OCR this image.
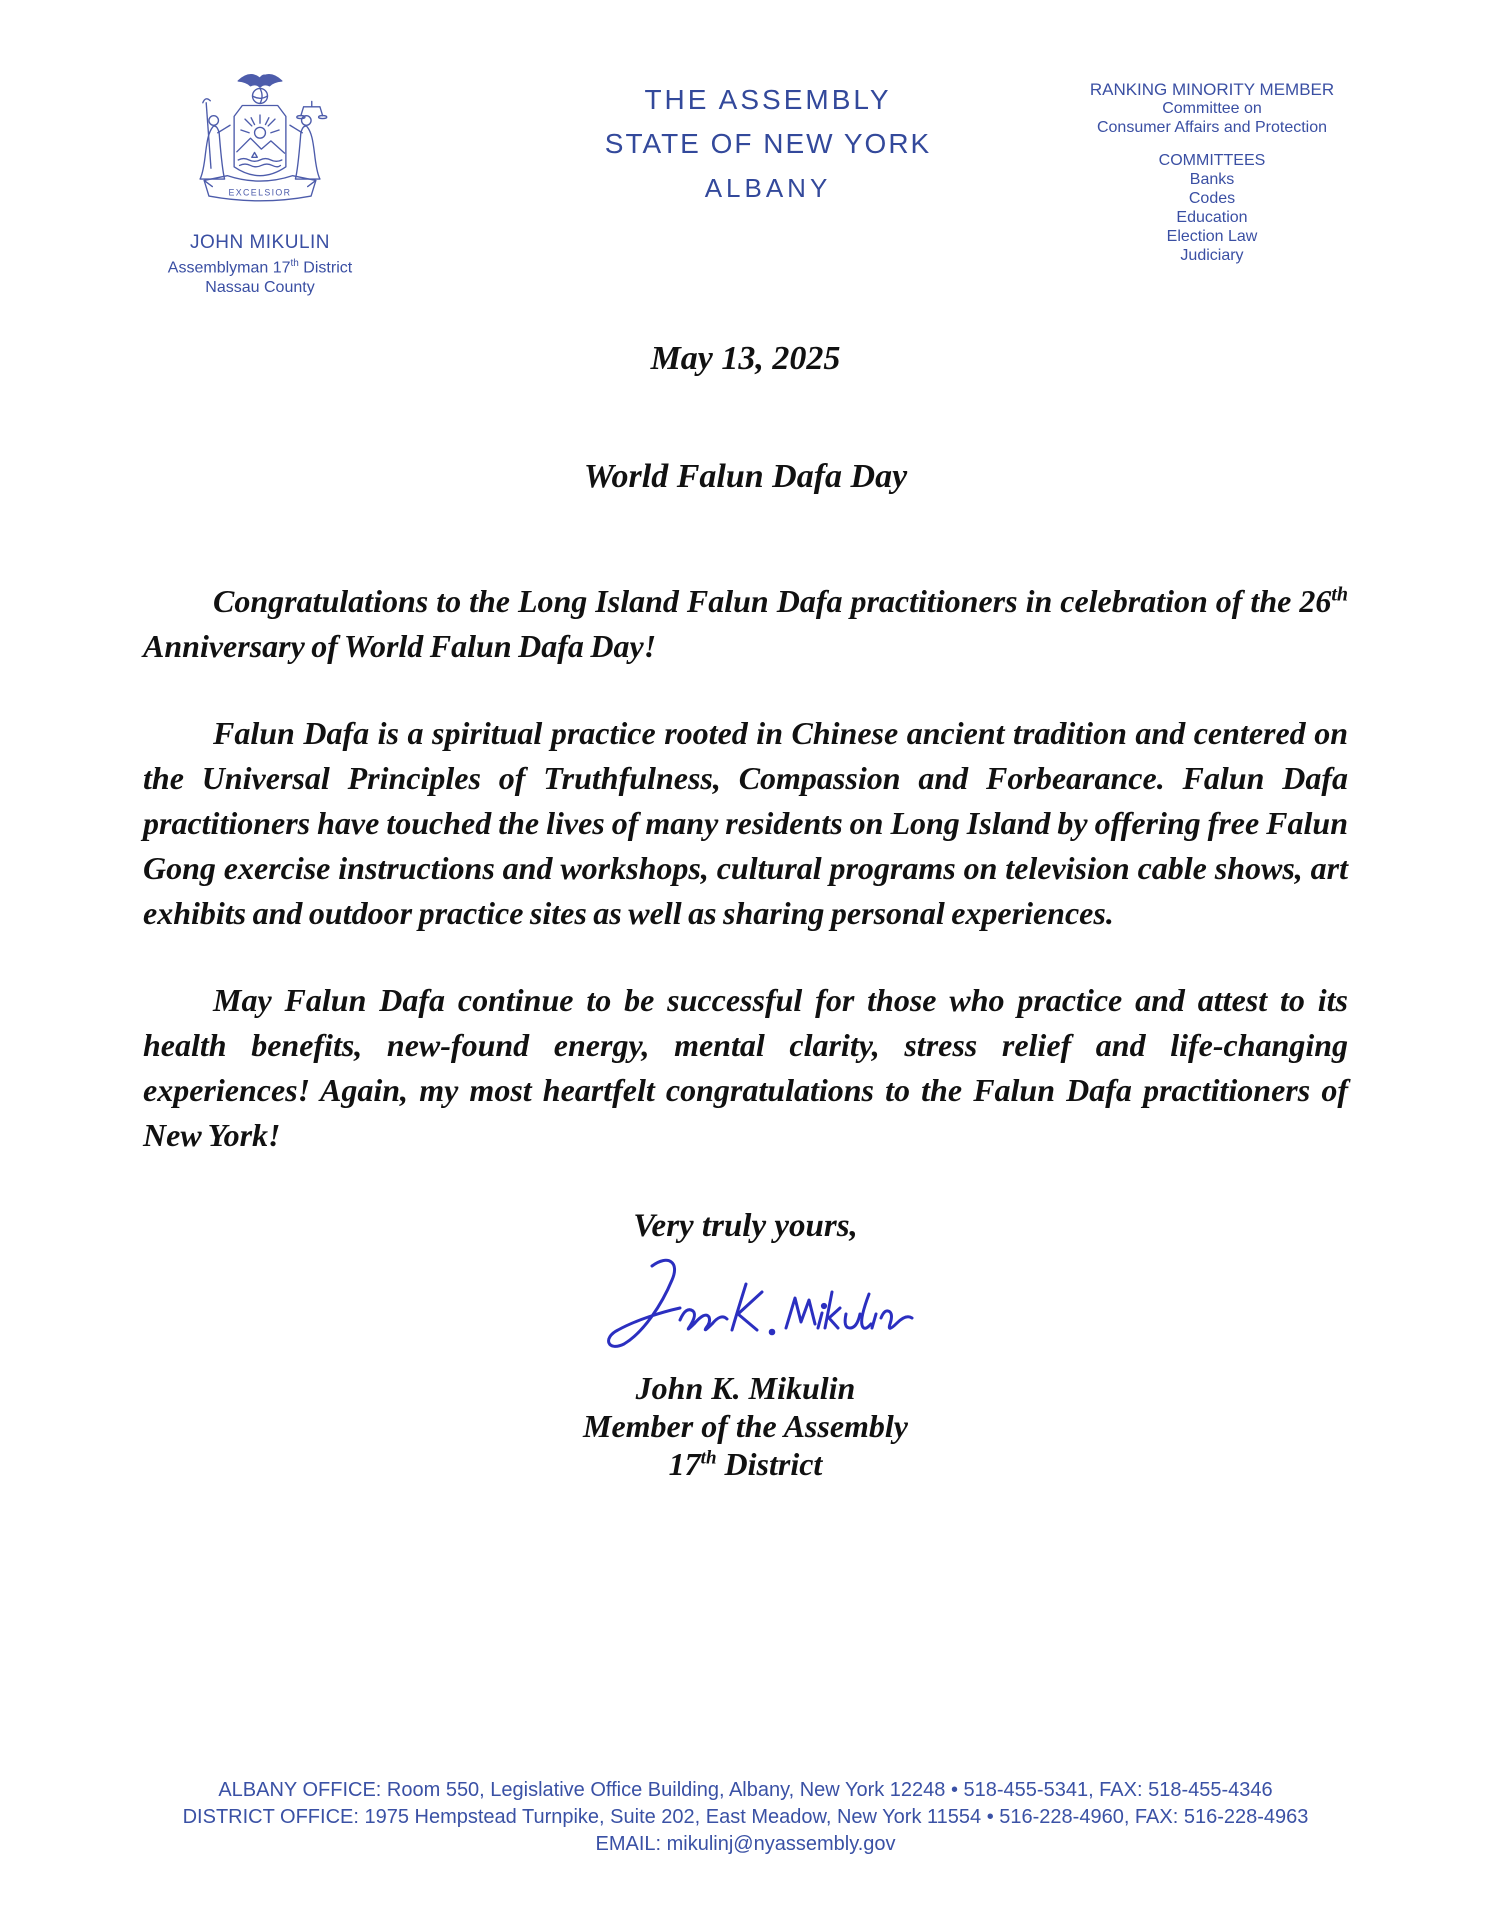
EXCELSIOR
JOHN MIKULIN
Assemblyman 17th District
Nassau County
THE ASSEMBLY
STATE OF NEW YORK
ALBANY
RANKING MINORITY MEMBER
Committee on
Consumer Affairs and Protection
COMMITTEES
Banks
Codes
Education
Election Law
Judiciary
May 13, 2025
World Falun Dafa Day

Congratulations to the Long Island Falun Dafa practitioners in celebration of the 26th Anniversary of World Falun Dafa Day!

Falun Dafa is a spiritual practice rooted in Chinese ancient tradition and centered on the Universal Principles of Truthfulness, Compassion and Forbearance. Falun Dafa practitioners have touched the lives of many residents on Long Island by offering free Falun Gong exercise instructions and workshops, cultural programs on television cable shows, art exhibits and outdoor practice sites as well as sharing personal experiences.

May Falun Dafa continue to be successful for those who practice and attest to its health benefits, new-found energy, mental clarity, stress relief and life-changing experiences! Again, my most heartfelt congratulations to the Falun Dafa practitioners of New York!

Very truly yours,
John K. Mikulin
Member of the Assembly
17th District
ALBANY OFFICE: Room 550, Legislative Office Building, Albany, New York 12248 • 518-455-5341, FAX: 518-455-4346
DISTRICT OFFICE: 1975 Hempstead Turnpike, Suite 202, East Meadow, New York 11554 • 516-228-4960, FAX: 516-228-4963
EMAIL: mikulinj@nyassembly.gov
